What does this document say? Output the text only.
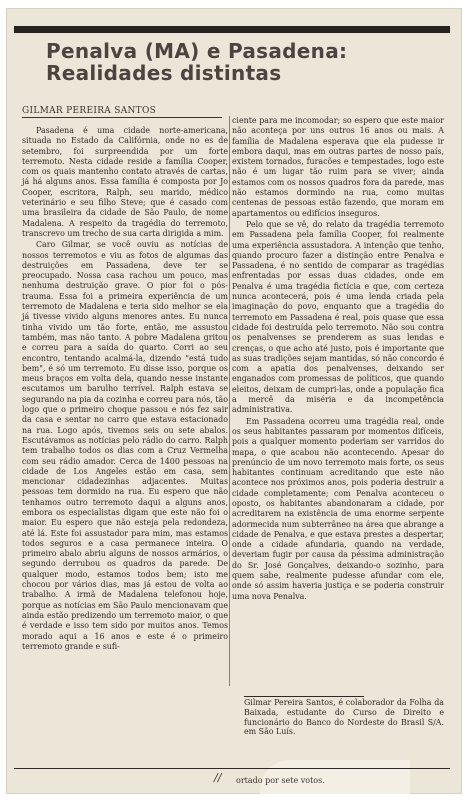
Penalva (MA) e Pasadena:
Realidades distintas
GILMAR PEREIRA SANTOS

Pasadena é uma cidade norte-americana, situada no Estado da Califórnia, onde no es de setembro, foi surpreendida por um forte terremoto. Nesta cidade reside a família Cooper, com os quais mantenho contato através de cartas, já há alguns anos. Essa família é composta por Jo Cooper, escritora, Ralph, seu marido, médico veterinário e seu filho Steve; que é casado com uma brasileira da cidade de São Paulo, de nome Madalena. A respeito da tragédia do terremoto, transcrevo um trecho de sua carta dirigida a mim.

Caro Gilmar, se você ouviu as notícias de nossos terremotos e viu as fotos de algumas das destruições em Passadena, deve ter se preocupado. Nossa casa rachou um pouco, mas nenhuma destruição grave. O pior foi o pós-trauma. Essa foi a primeira experiência de um terremoto de Madalena e teria sido melhor se ela já tivesse vivido alguns menores antes. Eu nunca tinha vivido um tão forte, então, me assustou também, mas não tanto. A pobre Madalena gritou e correu para a saída do quarto. Corri ao seu encontro, tentando acalmá-la, dizendo "está tudo bem", é só um terremoto. Eu disse isso, porque os meus braços em volta dela, quando nesse instante escutamos um barulho terrível. Ralph estava se segurando na pia da cozinha e correu para nós, tão logo que o primeiro choque passou e nós fez sair da casa e sentar no carro que estava estacionado na rua. Logo após, tivemos seis ou sete abalos. Escutávamos as notícias pelo rádio do carro. Ralph tem trabalho todos os dias com a Cruz Vermelha com seu rádio amador. Cerca de 1400 pessoas na cidade de Los Angeles estão em casa, sem mencionar cidadezinhas adjacentes. Muitas pessoas tem dormido na rua. Eu espero que não tenhamos outro terremoto daqui a alguns anos, embora os especialistas digam que este não foi o maior. Eu espero que não esteja pela redondeza, até lá. Este foi assustador para mim, mas estamos todos seguros e a casa permanece inteira. O primeiro abalo abriu alguns de nossos armários, o segundo derrubou os quadros da parede. De qualquer modo, estamos todos bem; isto me chocou por vários dias, mas já estou de volta ao trabalho. A irmã de Madalena telefonou hoje, porque as notícias em São Paulo mencionavam que ainda estão predizendo um terremoto maior, o que é verdade e isso tem sido por muitos anos. Temos morado aqui a 16 anos e este é o primeiro terremoto grande e sufi-

ciente para me incomodar; so espero que este maior não aconteça por uns outros 16 anos ou mais. A família de Madalena esperava que ela pudesse ir embora daqui, mas em outras partes de nosso país, existem tornados, furacões e tempestades, logo este não é um lugar tão ruim para se viver; ainda estamos com os nossos quadros fora da parede, mas não estamos dormindo na rua, como muitas centenas de pessoas estão fazendo, que moram em apartamentos ou edifícios inseguros.

Pelo que se vê, do relato da tragédia terremoto em Passadena pela família Cooper, foi realmente uma experiência assustadora. A intenção que tenho, quando procuro fazer a distinção entre Penalva e Passadena, é no sentido de comparar as tragédias enfrentadas por essas duas cidades, onde em Penalva é uma tragédia fictícia e que, com certeza nunca acontecerá, pois é uma lenda criada pela imaginação do povo, enquanto que a tragédia do terremoto em Passadena é real, pois quase que essa cidade foi destruída pelo terremoto. Não sou contra os penalvenses se prenderem as suas lendas e crenças, o que acho até justo, pois é importante que as suas tradições sejam mantidas, só não concordo é com a apatia dos penalvenses, deixando ser enganados com promessas de políticos, que quando eleitos, deixam de cumpri-las, onde a população fica a mercê da miséria e da incompetência administrativa.

Em Passadena ocorreu uma tragédia real, onde os seus habitantes passaram por momentos difíceis, pois a qualquer momento poderiam ser varridos do mapa, o que acabou não acontecendo. Apesar do prenúncio de um novo terremoto mais forte, os seus habitantes continuam acreditando que este não acontece nos próximos anos, pois poderia destruir a cidade completamente; com Penalva aconteceu o oposto, os habitantes abandonaram a cidade, por acreditarem na existência de uma enorme serpente adormecida num subterrâneo na área que abrange a cidade de Penalva, e que estava prestes a despertar, onde a cidade afundaria, quando na verdade, deveriam fugir por causa da péssima administração do Sr. José Gonçalves, deixando-o sozinho, para quem sabe, realmente pudesse afundar com ele, onde só assim haveria justiça e se poderia construir uma nova Penalva.

Gilmar Pereira Santos, é colaborador da Folha da Baixada, estudante do Curso de Direito e funcionário do Banco do Nordeste do Brasil S/A. em São Luís.
// ortado por sete votos.
